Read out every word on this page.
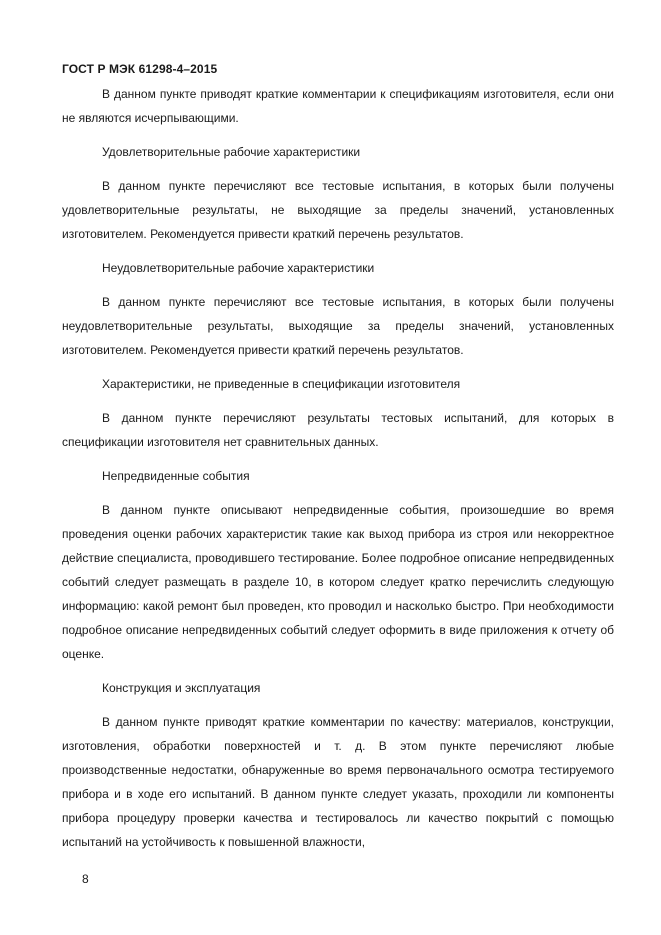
ГОСТ Р МЭК 61298-4–2015

В данном пункте приводят краткие комментарии к спецификациям изготовителя, если они не являются исчерпывающими.

Удовлетворительные рабочие характеристики

В данном пункте перечисляют все тестовые испытания, в которых были получены удовлетворительные результаты, не выходящие за пределы значений, установленных изготовителем. Рекомендуется привести краткий перечень результатов.

Неудовлетворительные рабочие характеристики

В данном пункте перечисляют все тестовые испытания, в которых были получены неудовлетворительные результаты, выходящие за пределы значений, установленных изготовителем. Рекомендуется привести краткий перечень результатов.

Характеристики, не приведенные в спецификации изготовителя

В данном пункте перечисляют результаты тестовых испытаний, для которых в спецификации изготовителя нет сравнительных данных.

Непредвиденные события

В данном пункте описывают непредвиденные события, произошедшие во время проведения оценки рабочих характеристик такие как выход прибора из строя или некорректное действие специалиста, проводившего тестирование. Более подробное описание непредвиденных событий следует размещать в разделе 10, в котором следует кратко перечислить следующую информацию: какой ремонт был проведен, кто проводил и насколько быстро. При необходимости подробное описание непредвиденных событий следует оформить в виде приложения к отчету об оценке.

Конструкция и эксплуатация

В данном пункте приводят краткие комментарии по качеству: материалов, конструкции, изготовления, обработки поверхностей и т. д. В этом пункте перечисляют любые производственные недостатки, обнаруженные во время первоначального осмотра тестируемого прибора и в ходе его испытаний. В данном пункте следует указать, проходили ли компоненты прибора процедуру проверки качества и тестировалось ли качество покрытий с помощью испытаний на устойчивость к повышенной влажности,

8
